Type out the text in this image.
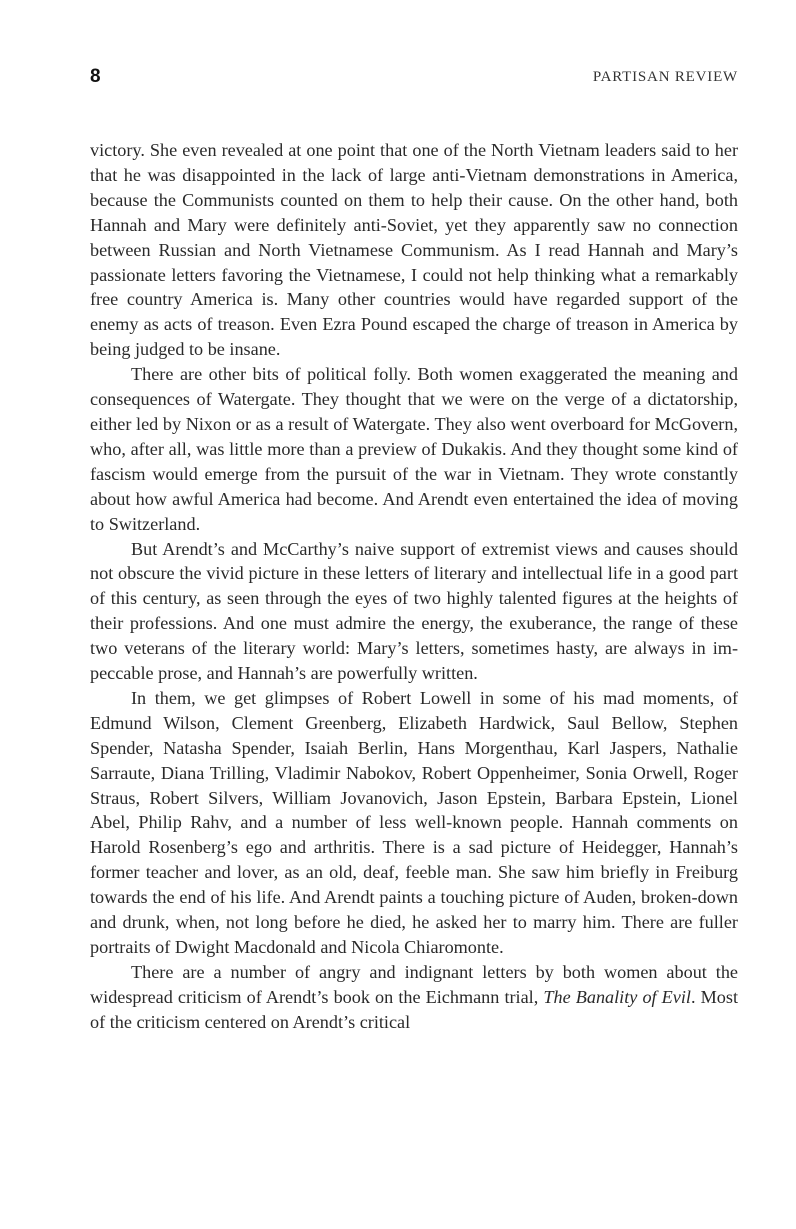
8	PARTISAN REVIEW

victory. She even revealed at one point that one of the North Vietnam leaders said to her that he was disappointed in the lack of large anti-Vietnam demonstrations in America, because the Communists counted on them to help their cause. On the other hand, both Hannah and Mary were definitely anti-Soviet, yet they apparently saw no connection between Russian and North Vietnamese Communism. As I read Hannah and Mary’s passionate letters favoring the Vietnamese, I could not help thinking what a remarkably free country America is. Many other countries would have regarded support of the enemy as acts of treason. Even Ezra Pound escaped the charge of treason in America by being judged to be insane.

There are other bits of political folly. Both women exaggerated the meaning and consequences of Watergate. They thought that we were on the verge of a dictatorship, either led by Nixon or as a result of Watergate. They also went overboard for McGovern, who, after all, was little more than a preview of Dukakis. And they thought some kind of fascism would emerge from the pursuit of the war in Vietnam. They wrote constantly about how awful America had become. And Arendt even entertained the idea of moving to Switzerland.

But Arendt’s and McCarthy’s naive support of extremist views and causes should not obscure the vivid picture in these letters of literary and intellectual life in a good part of this century, as seen through the eyes of two highly talented figures at the heights of their professions. And one must admire the energy, the exuberance, the range of these two veterans of the literary world: Mary’s letters, sometimes hasty, are always in impeccable prose, and Hannah’s are powerfully written.

In them, we get glimpses of Robert Lowell in some of his mad moments, of Edmund Wilson, Clement Greenberg, Elizabeth Hardwick, Saul Bellow, Stephen Spender, Natasha Spender, Isaiah Berlin, Hans Morgenthau, Karl Jaspers, Nathalie Sarraute, Diana Trilling, Vladimir Nabokov, Robert Oppenheimer, Sonia Orwell, Roger Straus, Robert Silvers, William Jovanovich, Jason Epstein, Barbara Epstein, Lionel Abel, Philip Rahv, and a number of less well-known people. Hannah comments on Harold Rosenberg’s ego and arthritis. There is a sad picture of Heidegger, Hannah’s former teacher and lover, as an old, deaf, feeble man. She saw him briefly in Freiburg towards the end of his life. And Arendt paints a touching picture of Auden, broken-down and drunk, when, not long before he died, he asked her to marry him. There are fuller portraits of Dwight Macdonald and Nicola Chiaromonte.

There are a number of angry and indignant letters by both women about the widespread criticism of Arendt’s book on the Eichmann trial, The Banality of Evil. Most of the criticism centered on Arendt’s critical
